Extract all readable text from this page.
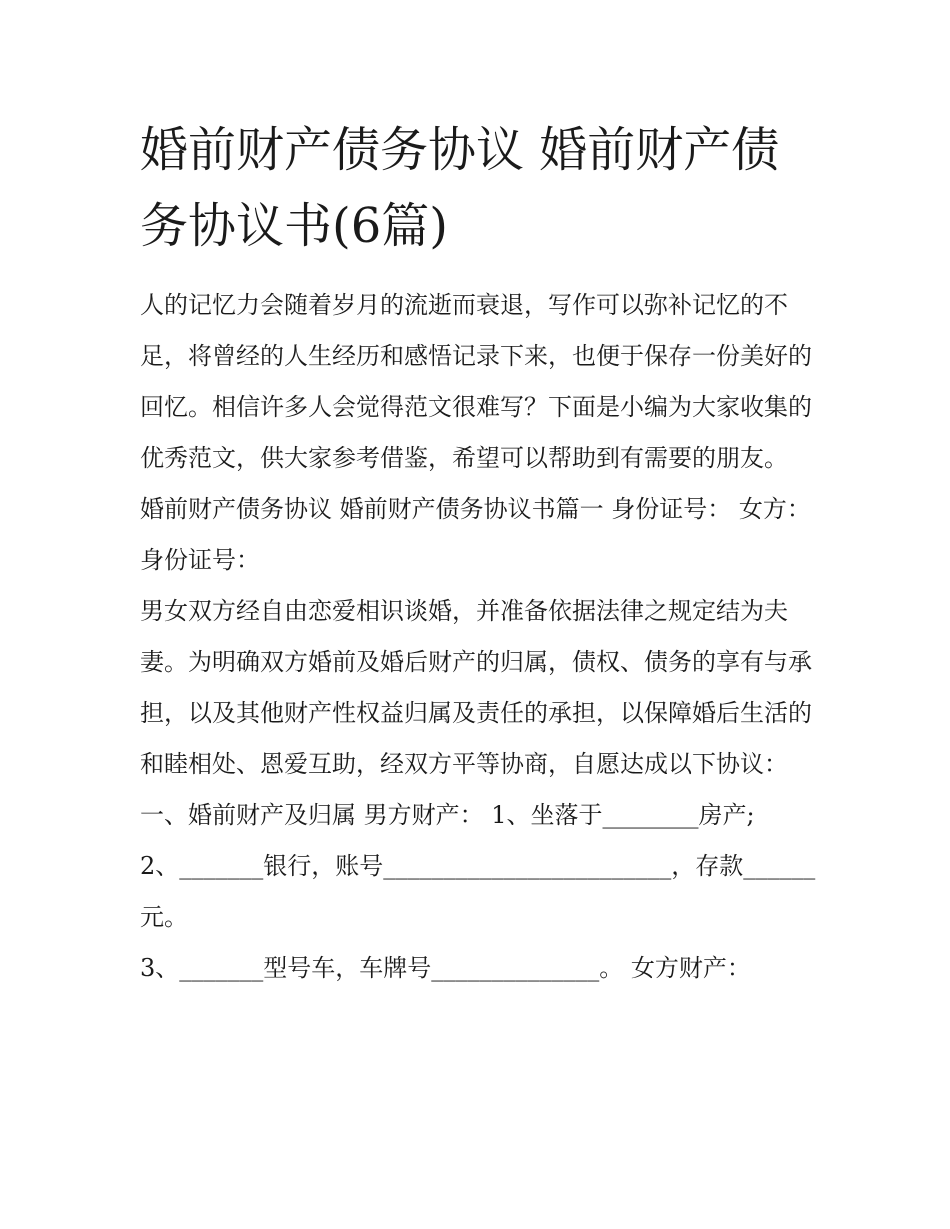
婚前财产债务协议 婚前财产债务协议书(6篇)

人的记忆力会随着岁月的流逝而衰退，写作可以弥补记忆的不足，将曾经的人生经历和感悟记录下来，也便于保存一份美好的回忆。相信许多人会觉得范文很难写？下面是小编为大家收集的优秀范文，供大家参考借鉴，希望可以帮助到有需要的朋友。

婚前财产债务协议 婚前财产债务协议书篇一 身份证号： 女方： 身份证号：

男女双方经自由恋爱相识谈婚，并准备依据法律之规定结为夫妻。为明确双方婚前及婚后财产的归属，债权、债务的享有与承担，以及其他财产性权益归属及责任的承担，以保障婚后生活的和睦相处、恩爱互助，经双方平等协商，自愿达成以下协议：

一、婚前财产及归属 男方财产： 1、坐落于________房产;

2、_______银行，账号________________________，存款______元。

3、_______型号车，车牌号______________。 女方财产：
